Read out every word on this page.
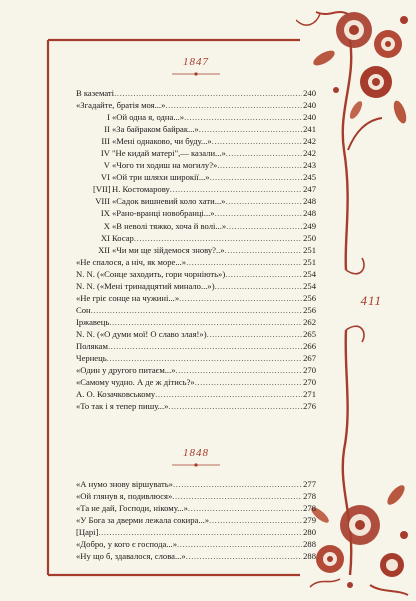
1847

В казематі .....	240
«Згадайте, братія моя...» .....	240
I «Ой одна я, одна...» .....	240
II «За байраком байрак...» .....	241
III «Мені однаково, чи буду...» .....	242
IV "Не кидай матері",— казали...» .....	242
V «Чого ти ходиш на могилу?» .....	243
VI «Ой три шляхи широкії...» .....	245
[VII] Н. Костомарову .....	247
VIII «Садок вишневий коло хати...» .....	248
IX «Рано-вранці новобранці...» .....	248
X «В неволі тяжко, хоча й волі...» .....	249
XI Косар .....	250
XII «Чи ми ще зійдемося знову?..» .....	251
«Не спалося, а ніч, як море...» .....	251
N. N. («Сонце заходить, гори чорніють») .....	254
N. N. («Мені тринадцятий минало...») .....	254
«Не гріє сонце на чужині...» .....	256
Сон .....	256
Іржавець .....	262
N. N. («О думи мої! О славо злая!») .....	265
Полякам .....	266
Чернець .....	267
«Один у другого питаєм...» .....	270
«Самому чудно. А де ж дітись?» .....	270
А. О. Козачковському .....	271
«То так і я тепер пишу...» .....	276

1848

«А нумо знову віршувать» .....	277
«Ой глянув я, подивлюся» .....	278
«Та не дай, Господи, нікому...» .....	278
«У Бога за дверми лежала сокира...» .....	279
[Царі] .....	280
«Добро, у кого є господа...» .....	288
«Ну що б, здавалося, слова...» .....	288
411
